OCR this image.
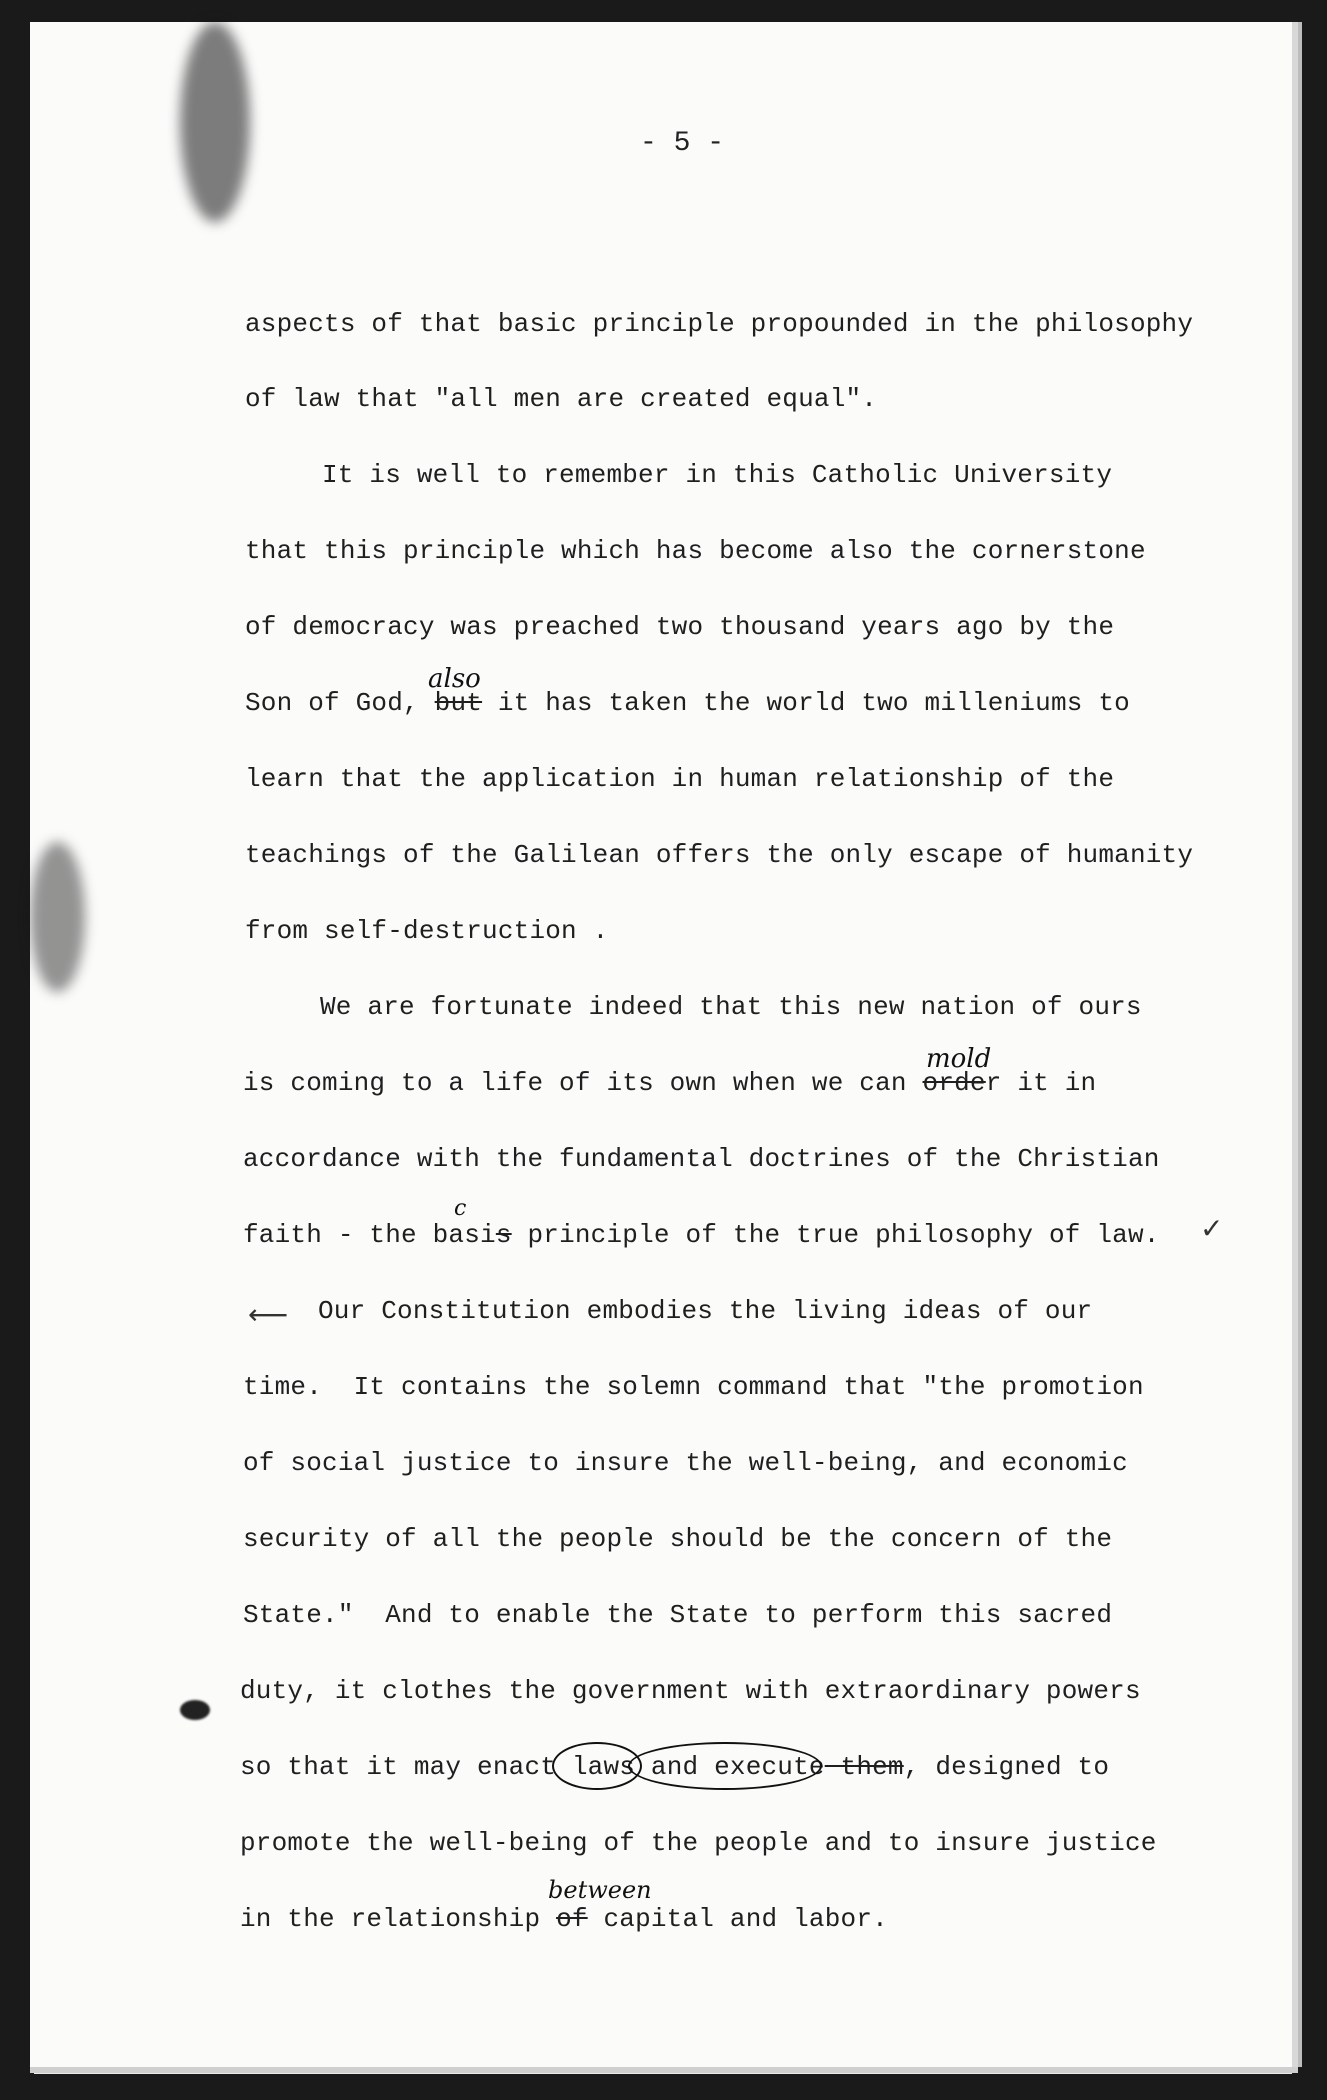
- 5 -
aspects of that basic principle propounded in the philosophy
of law that "all men are created equal".
It is well to remember in this Catholic University
that this principle which has become also the cornerstone
of democracy was preached two thousand years ago by the
Son of God, but it has taken the world two milleniums to
also
learn that the application in human relationship of the
teachings of the Galilean offers the only escape of humanity
from self-destruction .
We are fortunate indeed that this new nation of ours
is coming to a life of its own when we can order it in
mold
accordance with the fundamental doctrines of the Christian
faith - the basis principle of the true philosophy of law.
c
✓
⟵ Our Constitution embodies the living ideas of our
time.  It contains the solemn command that "the promotion
of social justice to insure the well-being, and economic
security of all the people should be the concern of the
State."  And to enable the State to perform this sacred
duty, it clothes the government with extraordinary powers
so that it may enact laws and execute them, designed to
promote the well-being of the people and to insure justice
in the relationship of capital and labor.
between
